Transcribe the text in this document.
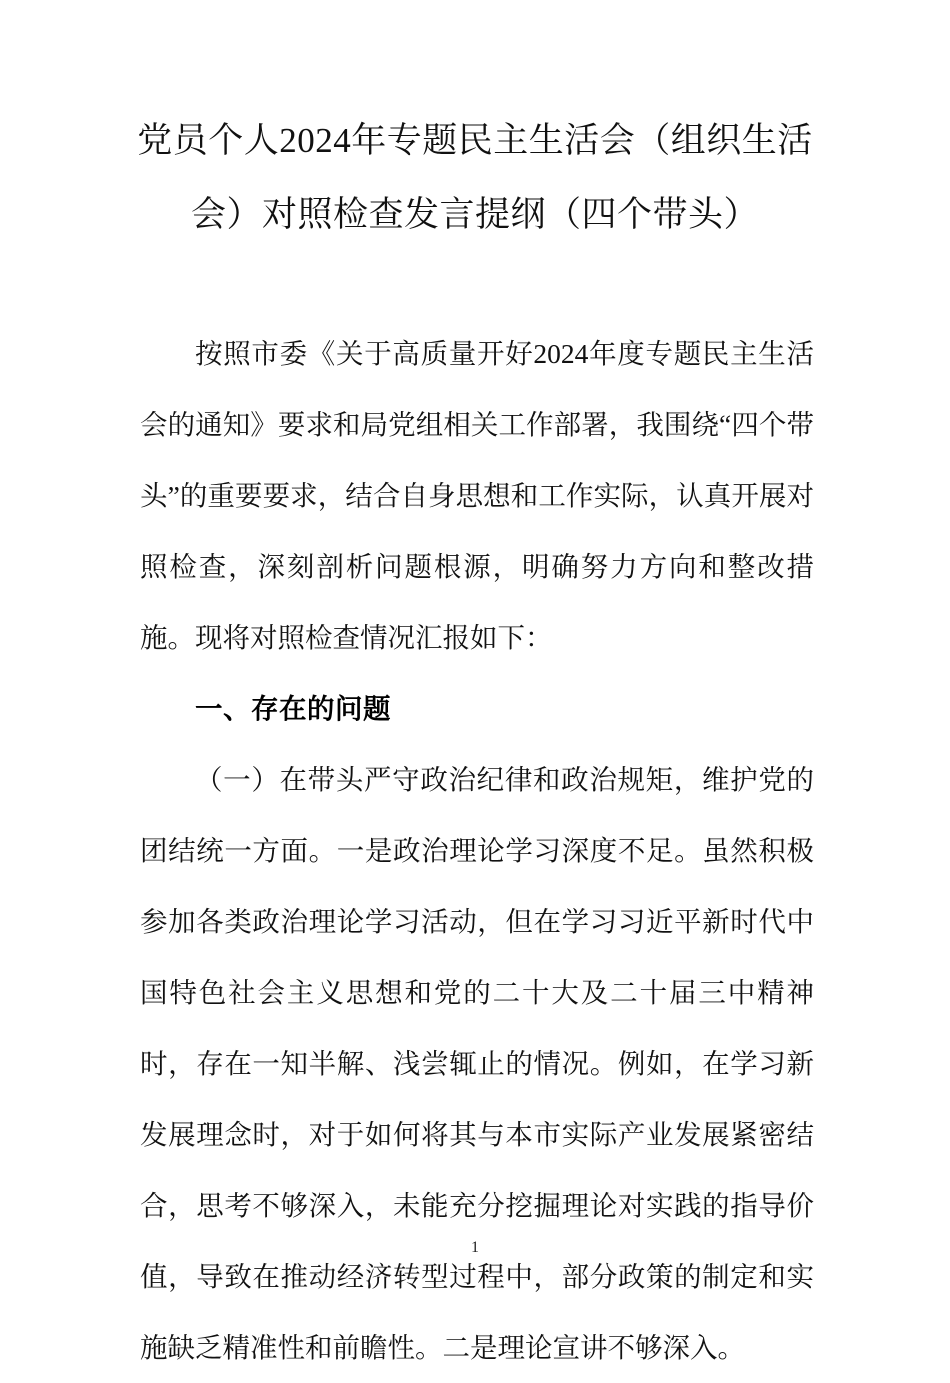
党员个人2024年专题民主生活会（组织生活会）对照检查发言提纲（四个带头）

按照市委《关于高质量开好2024年度专题民主生活会的通知》要求和局党组相关工作部署，我围绕“四个带头”的重要要求，结合自身思想和工作实际，认真开展对照检查，深刻剖析问题根源，明确努力方向和整改措施。现将对照检查情况汇报如下：

一、存在的问题

（一）在带头严守政治纪律和政治规矩，维护党的团结统一方面。一是政治理论学习深度不足。虽然积极参加各类政治理论学习活动，但在学习习近平新时代中国特色社会主义思想和党的二十大及二十届三中精神时，存在一知半解、浅尝辄止的情况。例如，在学习新发展理念时，对于如何将其与本市实际产业发展紧密结合，思考不够深入，未能充分挖掘理论对实践的指导价值，导致在推动经济转型过程中，部分政策的制定和实施缺乏精准性和前瞻性。二是理论宣讲不够深入。

1
